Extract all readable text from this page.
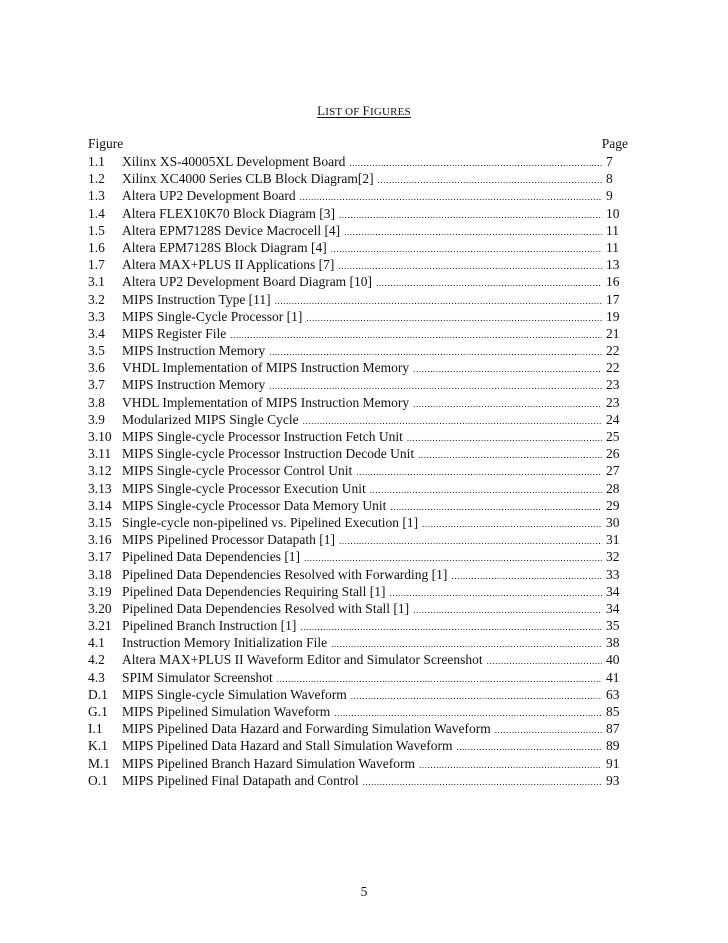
LIST OF FIGURES
Figure	Page
1.1	Xilinx XS-40005XL Development Board .....	7
1.2	Xilinx XC4000 Series CLB Block Diagram[2] .....	8
1.3	Altera UP2 Development Board .....	9
1.4	Altera FLEX10K70 Block Diagram [3] .....	10
1.5	Altera EPM7128S Device Macrocell [4] .....	11
1.6	Altera EPM7128S Block Diagram [4] .....	11
1.7	Altera MAX+PLUS II Applications [7] .....	13
3.1	Altera UP2 Development Board Diagram [10] .....	16
3.2	MIPS Instruction Type [11] .....	17
3.3	MIPS Single-Cycle Processor [1] .....	19
3.4	MIPS Register File .....	21
3.5	MIPS Instruction Memory .....	22
3.6	VHDL Implementation of MIPS Instruction Memory .....	22
3.7	MIPS Instruction Memory .....	23
3.8	VHDL Implementation of MIPS Instruction Memory .....	23
3.9	Modularized MIPS Single Cycle .....	24
3.10 MIPS Single-cycle Processor Instruction Fetch Unit .....	25
3.11 MIPS Single-cycle Processor Instruction Decode Unit .....	26
3.12 MIPS Single-cycle Processor Control Unit .....	27
3.13 MIPS Single-cycle Processor Execution Unit .....	28
3.14 MIPS Single-cycle Processor Data Memory Unit .....	29
3.15 Single-cycle non-pipelined vs. Pipelined Execution [1] .....	30
3.16 MIPS Pipelined Processor Datapath [1] .....	31
3.17 Pipelined Data Dependencies [1] .....	32
3.18 Pipelined Data Dependencies Resolved with Forwarding [1] .....	33
3.19 Pipelined Data Dependencies Requiring Stall [1] .....	34
3.20 Pipelined Data Dependencies Resolved with Stall [1] .....	34
3.21 Pipelined Branch Instruction [1] .....	35
4.1	Instruction Memory Initialization File .....	38
4.2	Altera MAX+PLUS II Waveform Editor and Simulator Screenshot .....	40
4.3	SPIM Simulator Screenshot .....	41
D.1	MIPS Single-cycle Simulation Waveform .....	63
G.1	MIPS Pipelined Simulation Waveform .....	85
I.1	MIPS Pipelined Data Hazard and Forwarding Simulation Waveform .....	87
K.1	MIPS Pipelined Data Hazard and Stall Simulation Waveform .....	89
M.1 MIPS Pipelined Branch Hazard Simulation Waveform .....	91
O.1	MIPS Pipelined Final Datapath and Control .....	93
5
